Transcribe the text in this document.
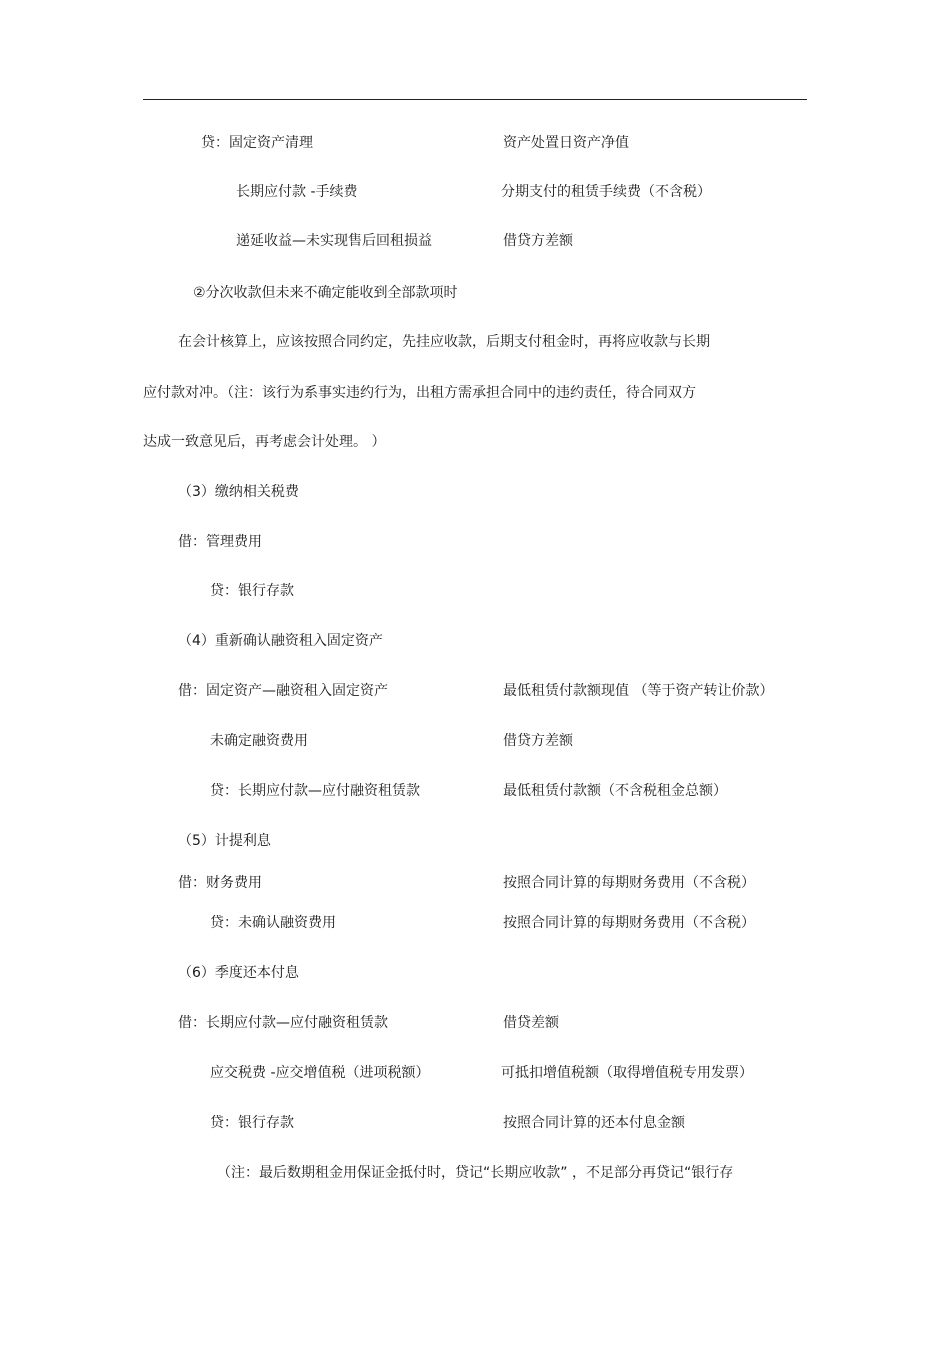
贷：固定资产清理	资产处置日资产净值
长期应付款 -手续费	分期支付的租赁手续费（不含税）
递延收益—未实现售后回租损益	借贷方差额
②分次收款但未来不确定能收到全部款项时
在会计核算上，应该按照合同约定，先挂应收款，后期支付租金时，再将应收款与长期
应付款对冲。（注：该行为系事实违约行为，出租方需承担合同中的违约责任，待合同双方
达成一致意见后，再考虑会计处理。 ）
（3）缴纳相关税费
借：管理费用
贷：银行存款
（4）重新确认融资租入固定资产
借：固定资产—融资租入固定资产	最低租赁付款额现值 （等于资产转让价款）
未确定融资费用	借贷方差额
贷：长期应付款—应付融资租赁款	最低租赁付款额（不含税租金总额）
（5）计提利息
借：财务费用	按照合同计算的每期财务费用（不含税）
贷：未确认融资费用	按照合同计算的每期财务费用（不含税）
（6）季度还本付息
借：长期应付款—应付融资租赁款	借贷差额
应交税费 -应交增值税（进项税额）	可抵扣增值税额（取得增值税专用发票）
贷：银行存款	按照合同计算的还本付息金额
（注：最后数期租金用保证金抵付时，贷记“长期应收款” ，不足部分再贷记“银行存
